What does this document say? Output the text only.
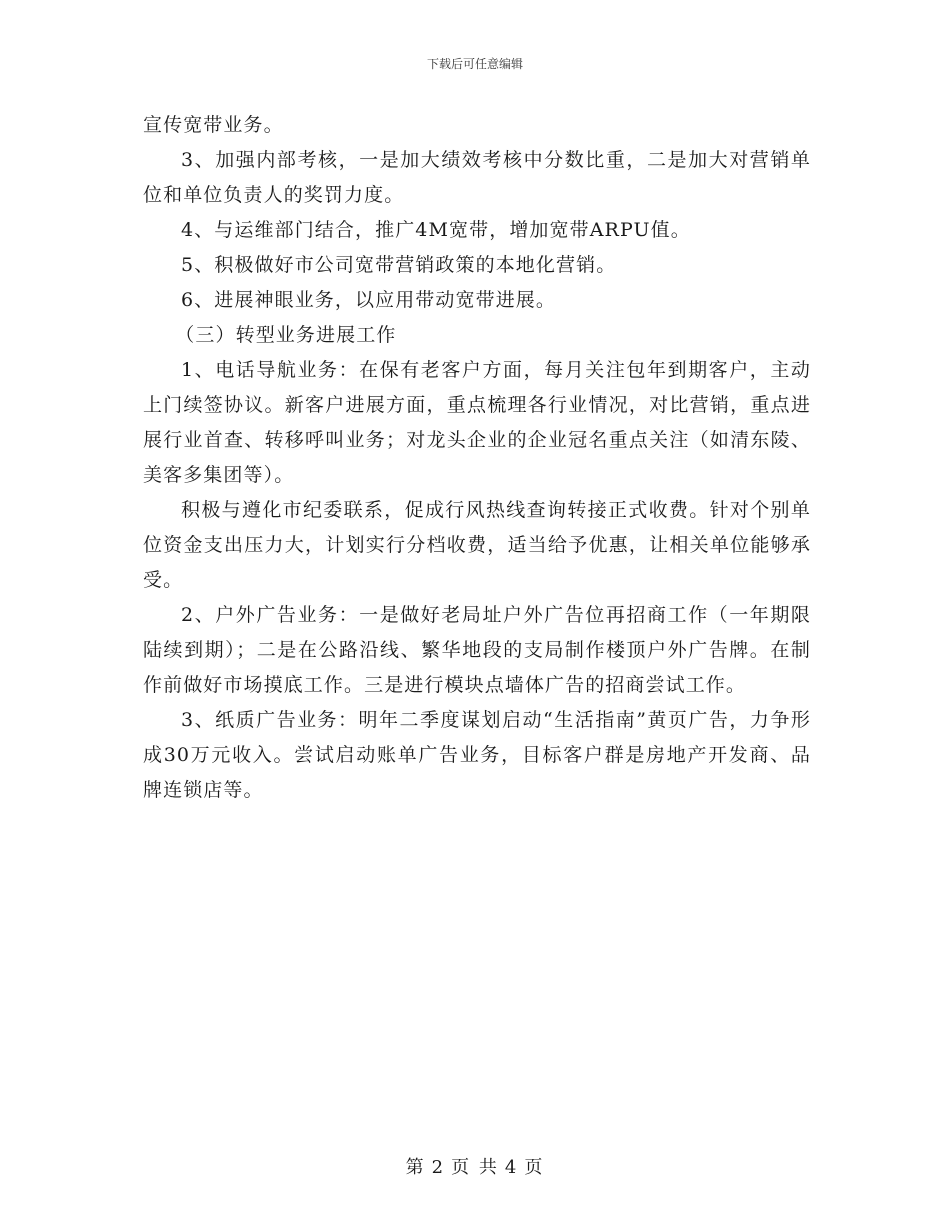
下载后可任意编辑

宣传宽带业务。

3、加强内部考核，一是加大绩效考核中分数比重，二是加大对营销单位和单位负责人的奖罚力度。

4、与运维部门结合，推广4M宽带，增加宽带ARPU值。

5、积极做好市公司宽带营销政策的本地化营销。

6、进展神眼业务，以应用带动宽带进展。

（三）转型业务进展工作

1、电话导航业务：在保有老客户方面，每月关注包年到期客户，主动上门续签协议。新客户进展方面，重点梳理各行业情况，对比营销，重点进展行业首查、转移呼叫业务；对龙头企业的企业冠名重点关注（如清东陵、美客多集团等）。

积极与遵化市纪委联系，促成行风热线查询转接正式收费。针对个别单位资金支出压力大，计划实行分档收费，适当给予优惠，让相关单位能够承受。

2、户外广告业务：一是做好老局址户外广告位再招商工作（一年期限陆续到期）；二是在公路沿线、繁华地段的支局制作楼顶户外广告牌。在制作前做好市场摸底工作。三是进行模块点墙体广告的招商尝试工作。

3、纸质广告业务：明年二季度谋划启动“生活指南”黄页广告，力争形成30万元收入。尝试启动账单广告业务，目标客户群是房地产开发商、品牌连锁店等。

第 2 页 共 4 页
